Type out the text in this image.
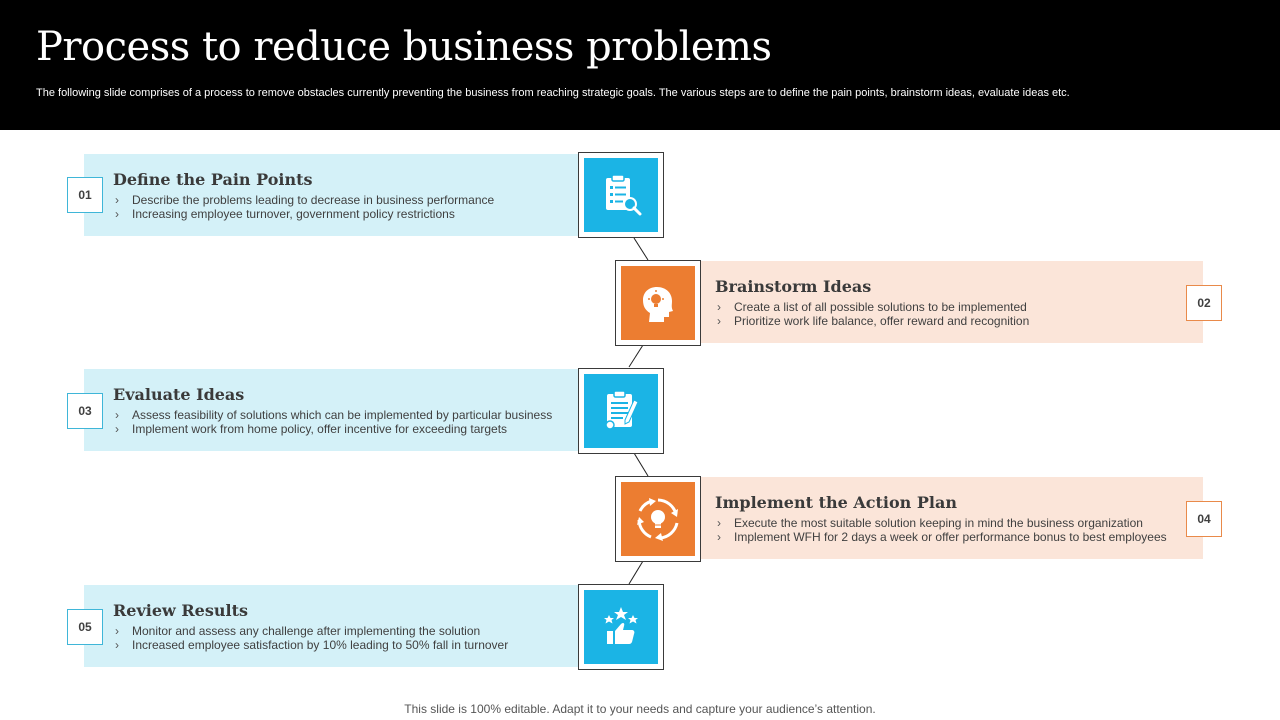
Process to reduce business problems

The following slide comprises of a process to remove obstacles currently preventing the business from reaching strategic goals. The various steps are to define the pain points, brainstorm ideas, evaluate ideas etc.

Define the Pain Points
› Describe the problems leading to decrease in business performance
› Increasing employee turnover, government policy restrictions
01
Brainstorm Ideas
› Create a list of all possible solutions to be implemented
› Prioritize work life balance, offer reward and recognition
02
Evaluate Ideas
› Assess feasibility of solutions which can be implemented by particular business
› Implement work from home policy, offer incentive for exceeding targets
03
Implement the Action Plan
› Execute the most suitable solution keeping in mind the business organization
› Implement WFH for 2 days a week or offer performance bonus to best employees
04
Review Results
› Monitor and assess any challenge after implementing the solution
› Increased employee satisfaction by 10% leading to 50% fall in turnover
05
This slide is 100% editable. Adapt it to your needs and capture your audience’s attention.
